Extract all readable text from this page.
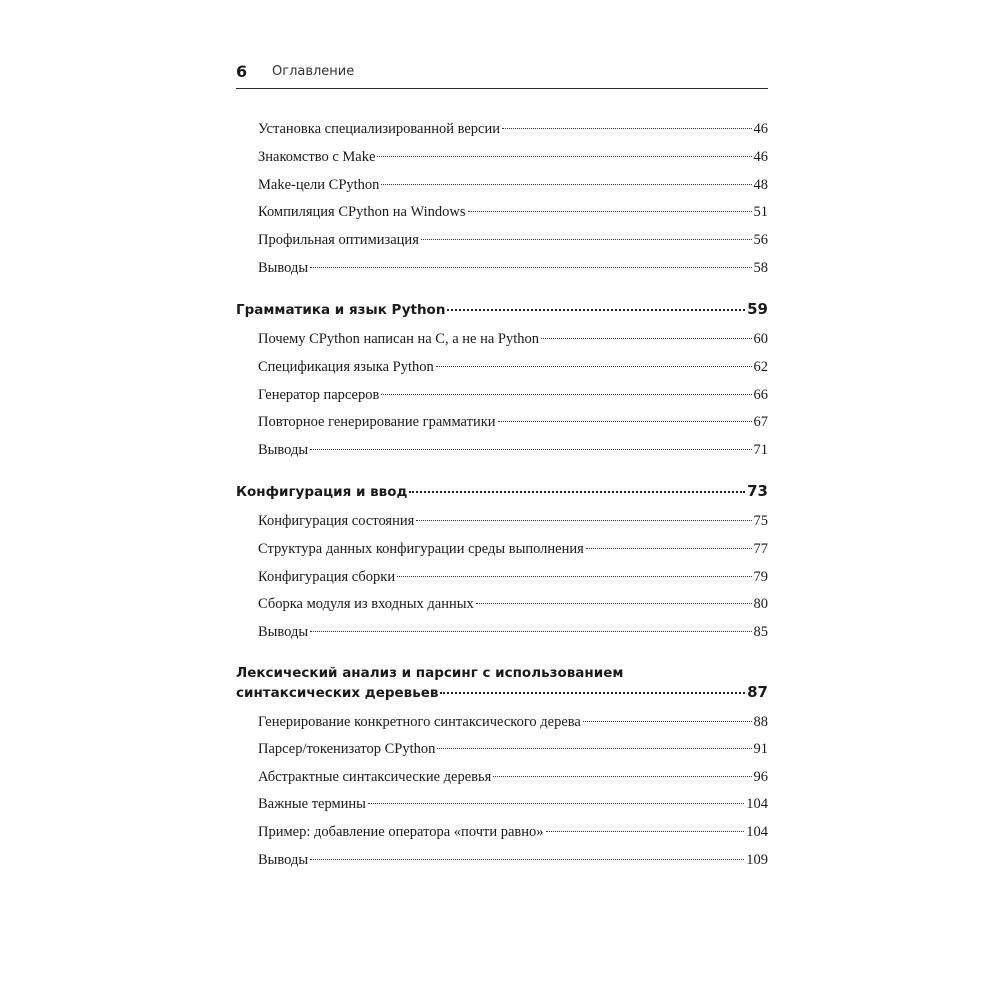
6 Оглавление
Установка специализированной версии	46
Знакомство с Make	46
Make-цели CPython	48
Компиляция CPython на Windows	51
Профильная оптимизация	56
Выводы	58
Грамматика и язык Python	59
Почему CPython написан на C, а не на Python	60
Спецификация языка Python	62
Генератор парсеров	66
Повторное генерирование грамматики	67
Выводы	71
Конфигурация и ввод	73
Конфигурация состояния	75
Структура данных конфигурации среды выполнения	77
Конфигурация сборки	79
Сборка модуля из входных данных	80
Выводы	85
Лексический анализ и парсинг с использованием
синтаксических деревьев	87
Генерирование конкретного синтаксического дерева	88
Парсер/токенизатор CPython	91
Абстрактные синтаксические деревья	96
Важные термины	104
Пример: добавление оператора «почти равно»	104
Выводы	109
